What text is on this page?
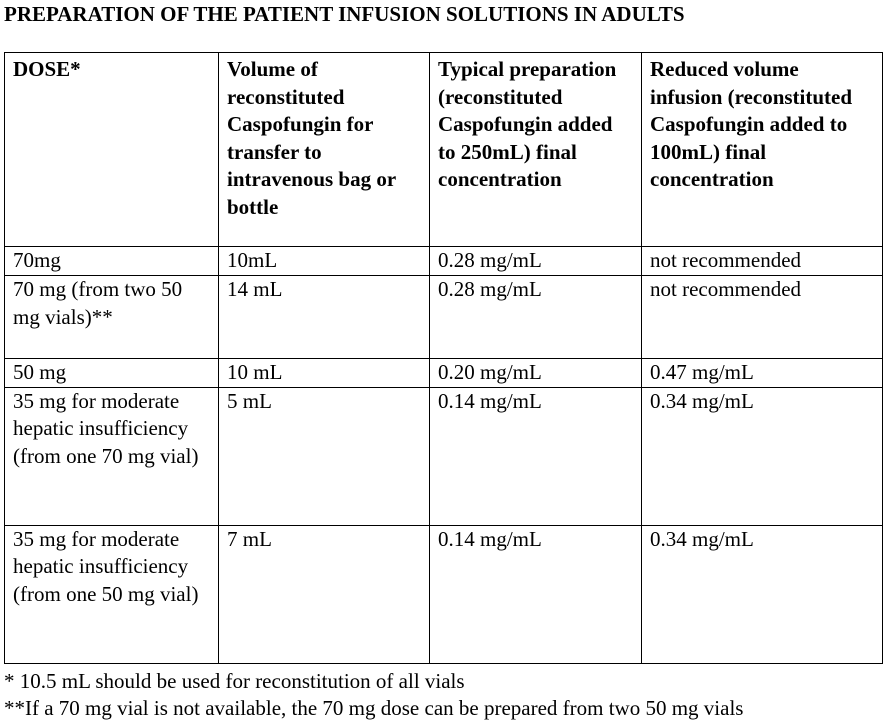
PREPARATION OF THE PATIENT INFUSION SOLUTIONS IN ADULTS
DOSE*	Volume of reconstituted Caspofungin for transfer to intravenous bag or bottle	Typical preparation (reconstituted Caspofungin added to 250mL) final concentration	Reduced volume infusion (reconstituted Caspofungin added to 100mL) final concentration
70mg	10mL	0.28 mg/mL	not recommended
70 mg (from two 50 mg vials)**	14 mL	0.28 mg/mL	not recommended
50 mg	10 mL	0.20 mg/mL	0.47 mg/mL
35 mg for moderate hepatic insufficiency (from one 70 mg vial)	5 mL	0.14 mg/mL	0.34 mg/mL
35 mg for moderate hepatic insufficiency (from one 50 mg vial)	7 mL	0.14 mg/mL	0.34 mg/mL
* 10.5 mL should be used for reconstitution of all vials
**If a 70 mg vial is not available, the 70 mg dose can be prepared from two 50 mg vials
